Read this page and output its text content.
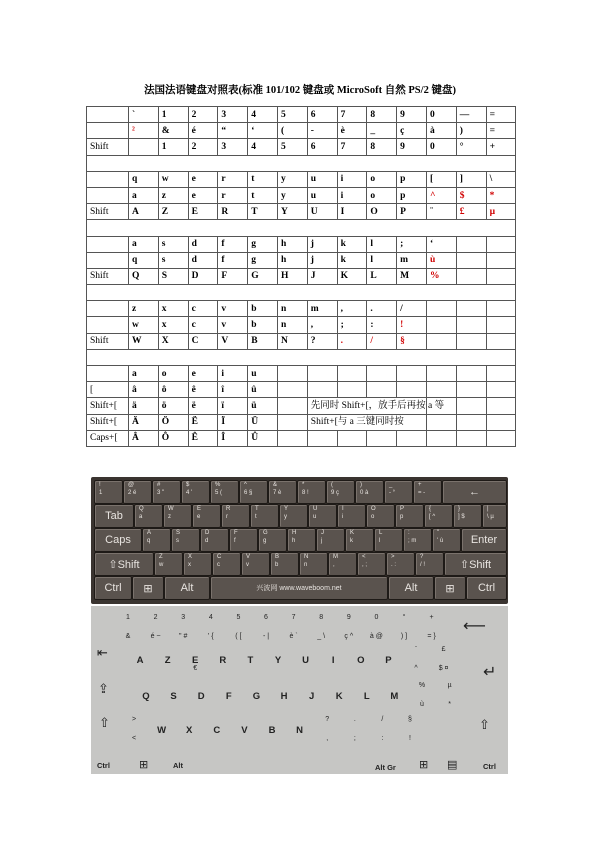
法国法语键盘对照表(标准 101/102 键盘或 MicroSoft 自然 PS/2 键盘)
	`	1	2	3	4	5	6	7	8	9	0	—	=
	²	&	é	“	‘	(	-	è	_	ç	à	)	=
Shift		1	2	3	4	5	6	7	8	9	0	°	+

	q	w	e	r	t	y	u	i	o	p	[	]	\
	a	z	e	r	t	y	u	i	o	p	^	$	*
Shift	A	Z	E	R	T	Y	U	I	O	P	¨	£	µ

	a	s	d	f	g	h	j	k	l	;	‘		
	q	s	d	f	g	h	j	k	l	m	ù		
Shift	Q	S	D	F	G	H	J	K	L	M	%		

	z	x	c	v	b	n	m	,	.	/			
	w	x	c	v	b	n	,	;	:	!			
Shift	W	X	C	V	B	N	?	.	/	§			

	a	o	e	i	u								
[	â	ô	ê	î	û								
Shift+[	ä	ö	ë	ï	ü		先同时 Shift+[，放手后再按 a 等						
Shift+[	Ä	Ö	Ë	Ï	Ü		Shift+[与 a 三键同时按						
Caps+[	Â	Ô	Ê	Î	Û								
!
1
@
2 é
#
3 "
$
4 '
%
5 (
^
6 §
&
7 è
*
8 !
(
9 ç
)
0 à
_
- °
+
= -	←
Tab
Q
a
W
z
E
e
R
r
T
t
Y
y
U
u
I
i
O
o
P
p
{
[ ^
}
] $
|
\ µ
Caps
A
q
S
s
D
d
F
f
G
g
H
h
J
j
K
k
L
l
:
; m
"
' ù	Enter
⇧Shift
Z
w
X
x
C
c
V
v
B
b
N
n
M
,
<
, ;
>
. :
?
/ !	⇧Shift
Ctrl	⊞	Alt	兴波网 www.waveboom.net	Alt	⊞	Ctrl
1
&
2
é ~
3
" #
4
' {
5
( [
6
- |
7
è `
8
_ \
9
ç ^
0
à @
°
) ]
+
= }
⟵
⇤	A	Z	E
€
R	T	Y	U	I	O	P
¨
^
£
$ ¤	↵
⇪	Q	S	D	F	G	H	J	K	L	M
%
ù
µ
*
⇧	>
<
W	X	C	V	B	N
?
,
.
;
/
:
§
!
⇧
Ctrl	⊞	Alt	Alt Gr ⊞ ▤	Ctrl
